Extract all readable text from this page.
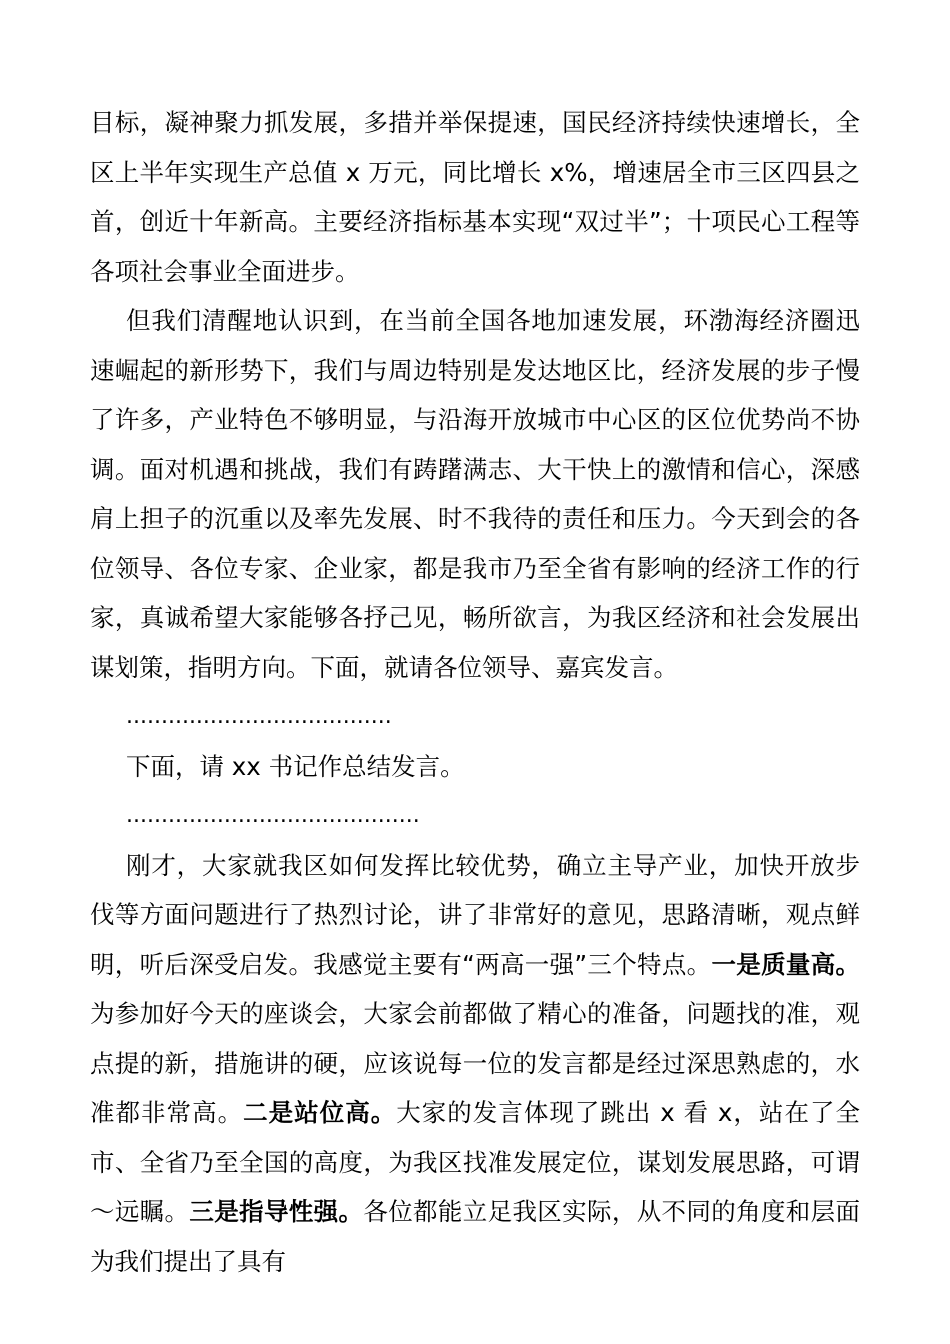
目标，凝神聚力抓发展，多措并举保提速，国民经济持续快速增长，全区上半年实现生产总值 x 万元，同比增长 x%，增速居全市三区四县之首，创近十年新高。主要经济指标基本实现“双过半”；十项民心工程等各项社会事业全面进步。

但我们清醒地认识到，在当前全国各地加速发展，环渤海经济圈迅速崛起的新形势下，我们与周边特别是发达地区比，经济发展的步子慢了许多，产业特色不够明显，与沿海开放城市中心区的区位优势尚不协调。面对机遇和挑战，我们有踌躇满志、大干快上的激情和信心，深感肩上担子的沉重以及率先发展、时不我待的责任和压力。今天到会的各位领导、各位专家、企业家，都是我市乃至全省有影响的经济工作的行家，真诚希望大家能够各抒己见，畅所欲言，为我区经济和社会发展出谋划策，指明方向。下面，就请各位领导、嘉宾发言。

......................................

下面，请 xx 书记作总结发言。

..........................................

刚才，大家就我区如何发挥比较优势，确立主导产业，加快开放步伐等方面问题进行了热烈讨论，讲了非常好的意见，思路清晰，观点鲜明，听后深受启发。我感觉主要有“两高一强”三个特点。一是质量高。为参加好今天的座谈会，大家会前都做了精心的准备，问题找的准，观点提的新，措施讲的硬，应该说每一位的发言都是经过深思熟虑的，水准都非常高。二是站位高。大家的发言体现了跳出 x 看 x，站在了全市、全省乃至全国的高度，为我区找准发展定位，谋划发展思路，可谓～远瞩。三是指导性强。各位都能立足我区实际，从不同的角度和层面为我们提出了具有
